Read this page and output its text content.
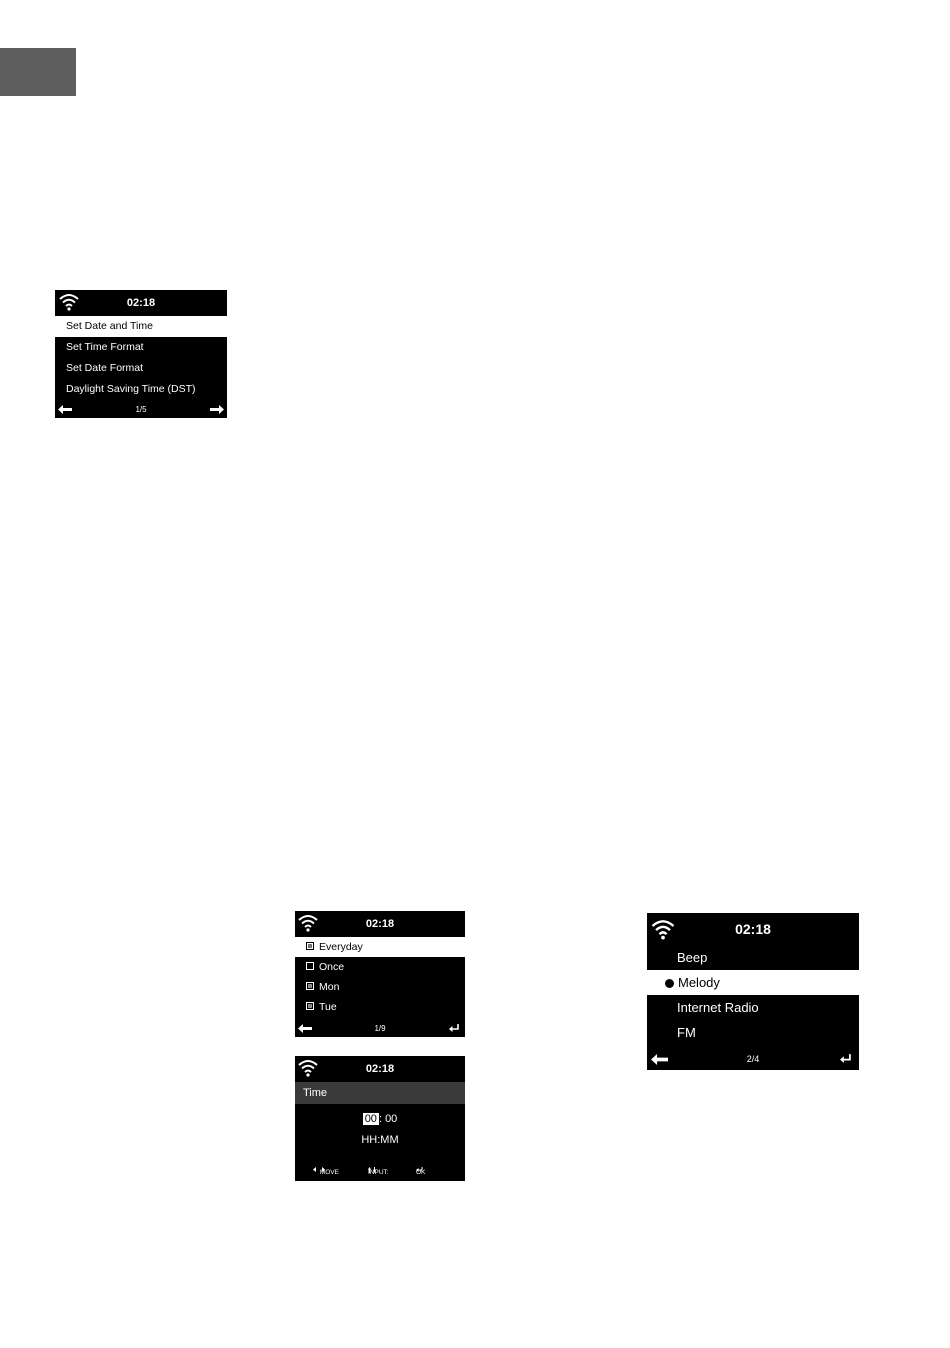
02:18
Set Date and Time
Set Time Format
Set Date Format
Daylight Saving Time (DST)
1/5
02:18
Everyday
Once
Mon
Tue
1/9
02:18
Time
00 : 00
HH:MM

MOVE	INPUT:	OK
02:18
Beep
Melody
Internet Radio
FM
2/4
